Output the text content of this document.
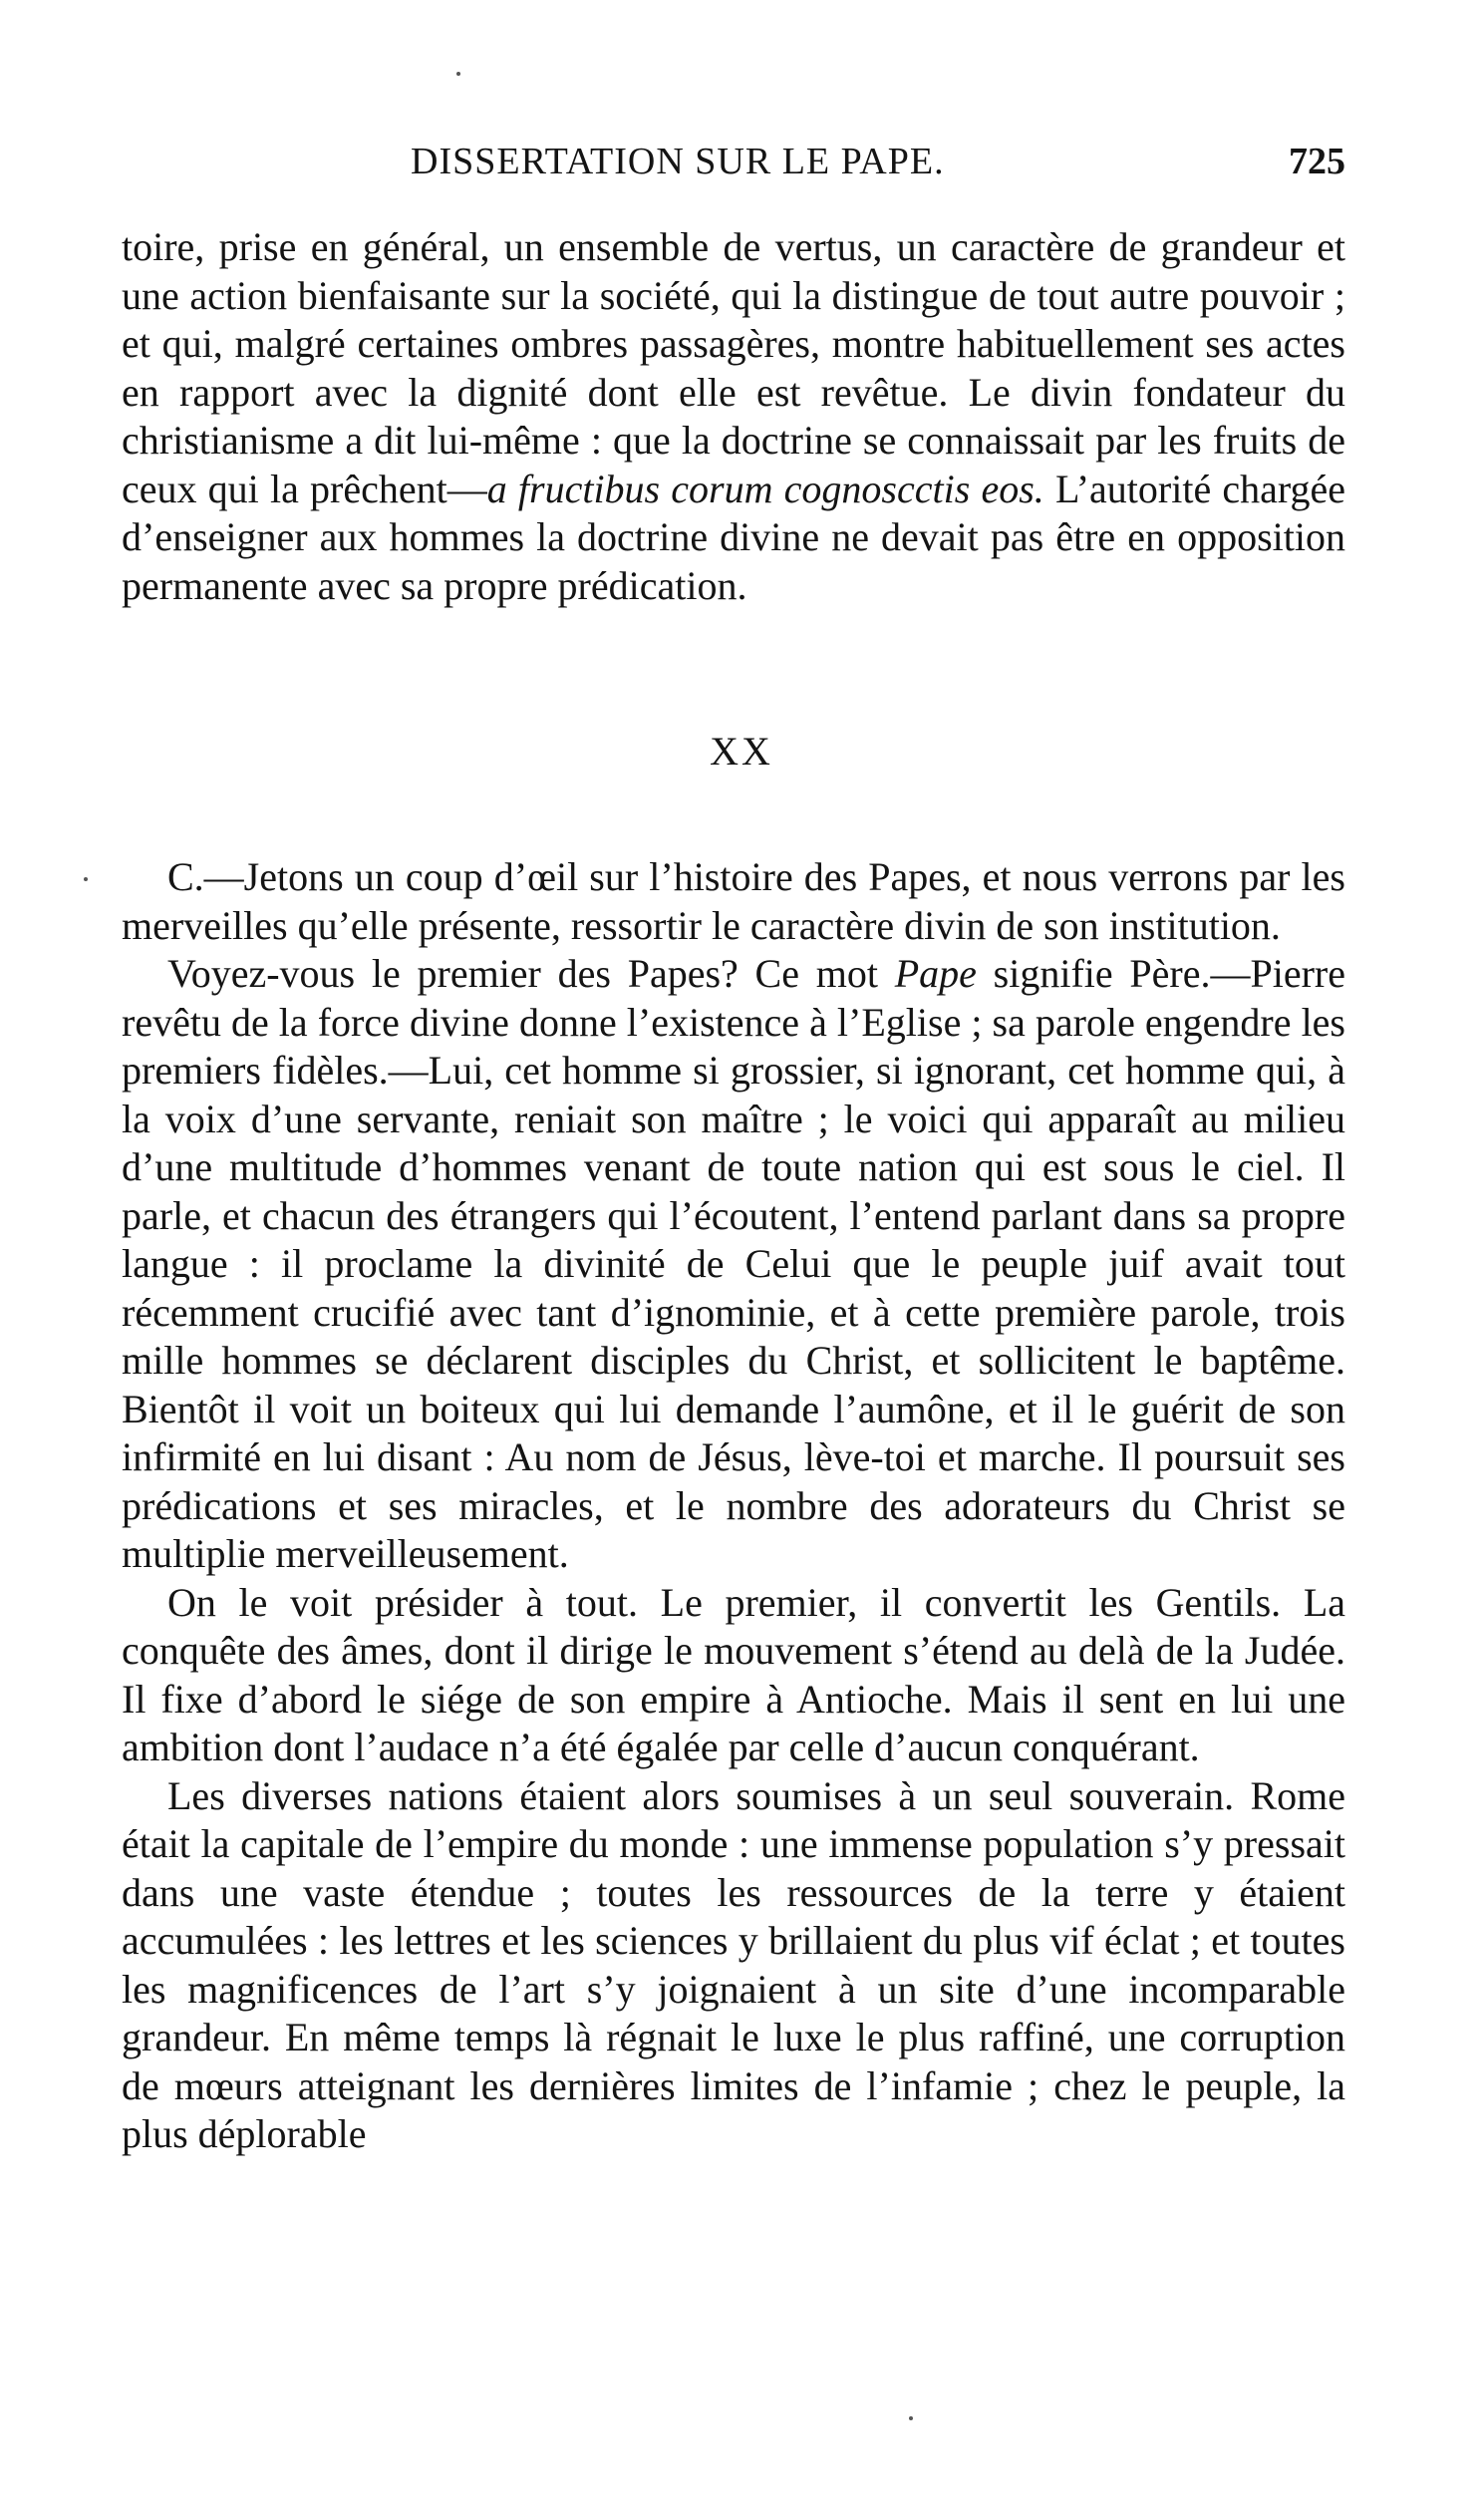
DISSERTATION SUR LE PAPE.	725

toire, prise en général, un ensemble de vertus, un caractère de grandeur et une action bienfaisante sur la société, qui la distingue de tout autre pouvoir ; et qui, malgré certaines ombres passagères, montre habituellement ses actes en rapport avec la dignité dont elle est revêtue. Le divin fondateur du christianisme a dit lui-même : que la doctrine se connaissait par les fruits de ceux qui la prêchent—a fructibus corum cognoscctis eos. L’autorité chargée d’enseigner aux hommes la doctrine divine ne devait pas être en opposition permanente avec sa propre prédication.

XX

C.—Jetons un coup d’œil sur l’histoire des Papes, et nous verrons par les merveilles qu’elle présente, ressortir le caractère divin de son institution.

Voyez-vous le premier des Papes? Ce mot Pape signifie Père.—Pierre revêtu de la force divine donne l’existence à l’Eglise ; sa parole engendre les premiers fidèles.—Lui, cet homme si grossier, si ignorant, cet homme qui, à la voix d’une servante, reniait son maître ; le voici qui apparaît au milieu d’une multitude d’hommes venant de toute nation qui est sous le ciel. Il parle, et chacun des étrangers qui l’écoutent, l’entend parlant dans sa propre langue : il proclame la divinité de Celui que le peuple juif avait tout récemment crucifié avec tant d’ignominie, et à cette première parole, trois mille hommes se déclarent disciples du Christ, et sollicitent le baptême. Bientôt il voit un boiteux qui lui demande l’aumône, et il le guérit de son infirmité en lui disant : Au nom de Jésus, lève-toi et marche. Il poursuit ses prédications et ses miracles, et le nombre des adorateurs du Christ se multiplie merveilleusement.

On le voit présider à tout. Le premier, il convertit les Gentils. La conquête des âmes, dont il dirige le mouvement s’étend au delà de la Judée. Il fixe d’abord le siége de son empire à Antioche. Mais il sent en lui une ambition dont l’audace n’a été égalée par celle d’aucun conquérant.

Les diverses nations étaient alors soumises à un seul souverain. Rome était la capitale de l’empire du monde : une immense population s’y pressait dans une vaste étendue ; toutes les ressources de la terre y étaient accumulées : les lettres et les sciences y brillaient du plus vif éclat ; et toutes les magnificences de l’art s’y joignaient à un site d’une incomparable grandeur. En même temps là régnait le luxe le plus raffiné, une corruption de mœurs atteignant les dernières limites de l’infamie ; chez le peuple, la plus déplorable
